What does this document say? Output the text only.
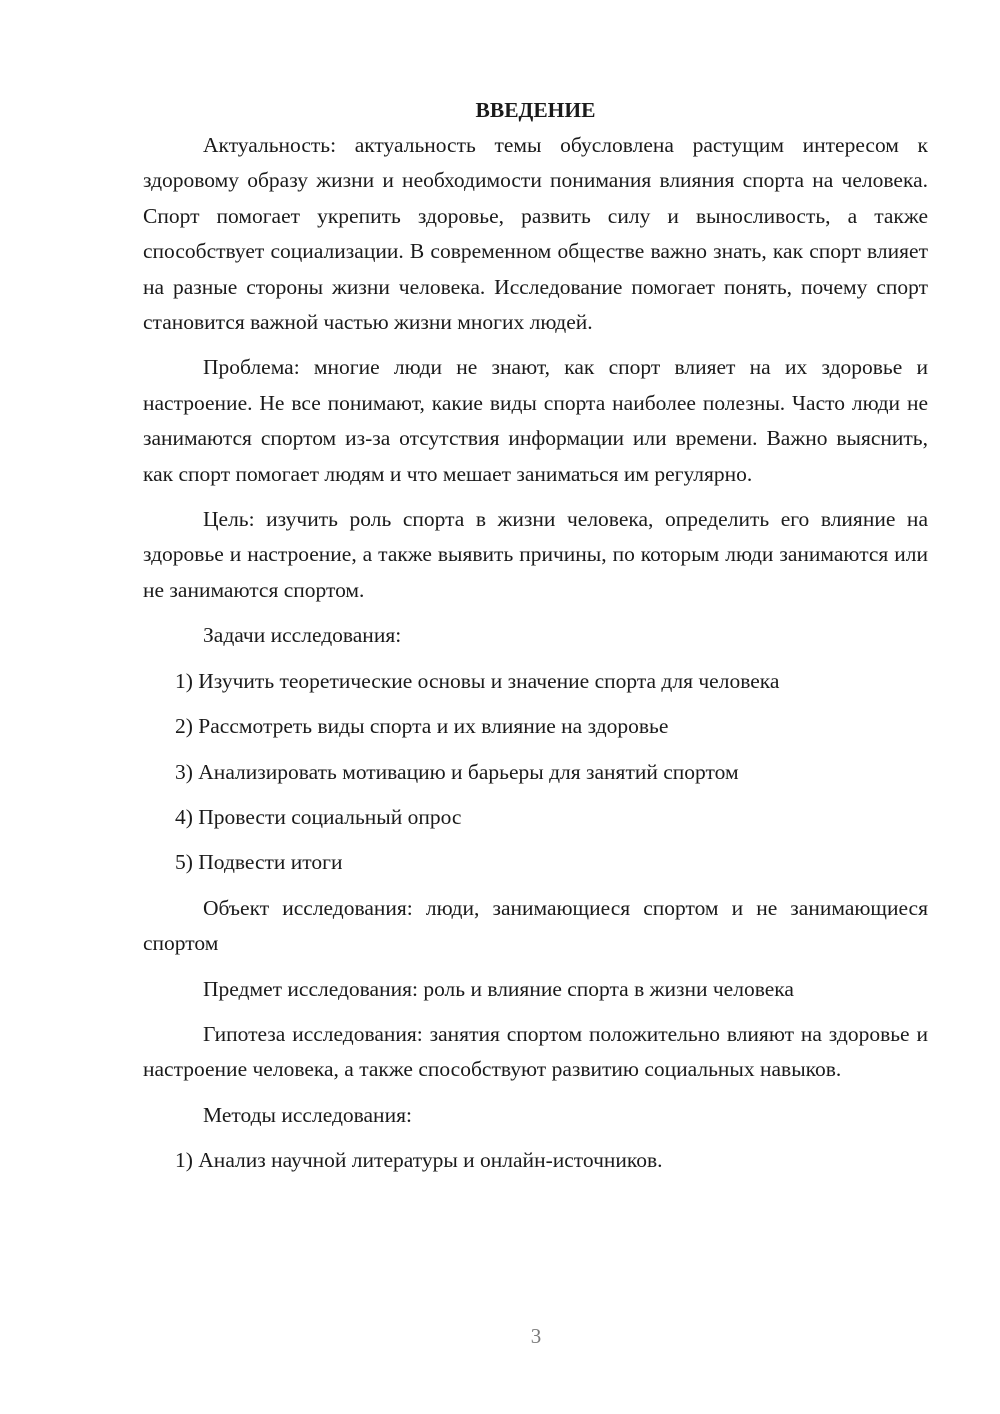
ВВЕДЕНИЕ

Актуальность: актуальность темы обусловлена растущим интересом к здоровому образу жизни и необходимости понимания влияния спорта на человека. Спорт помогает укрепить здоровье, развить силу и выносливость, а также способствует социализации. В современном обществе важно знать, как спорт влияет на разные стороны жизни человека. Исследование помогает понять, почему спорт становится важной частью жизни многих людей.

Проблема: многие люди не знают, как спорт влияет на их здоровье и настроение. Не все понимают, какие виды спорта наиболее полезны. Часто люди не занимаются спортом из-за отсутствия информации или времени. Важно выяснить, как спорт помогает людям и что мешает заниматься им регулярно.

Цель: изучить роль спорта в жизни человека, определить его влияние на здоровье и настроение, а также выявить причины, по которым люди занимаются или не занимаются спортом.

Задачи исследования:

1) Изучить теоретические основы и значение спорта для человека

2) Рассмотреть виды спорта и их влияние на здоровье

3) Анализировать мотивацию и барьеры для занятий спортом

4) Провести социальный опрос

5) Подвести итоги

Объект исследования: люди, занимающиеся спортом и не занимающиеся спортом

Предмет исследования: роль и влияние спорта в жизни человека

Гипотеза исследования: занятия спортом положительно влияют на здоровье и настроение человека, а также способствуют развитию социальных навыков.

Методы исследования:

1) Анализ научной литературы и онлайн-источников.

3
